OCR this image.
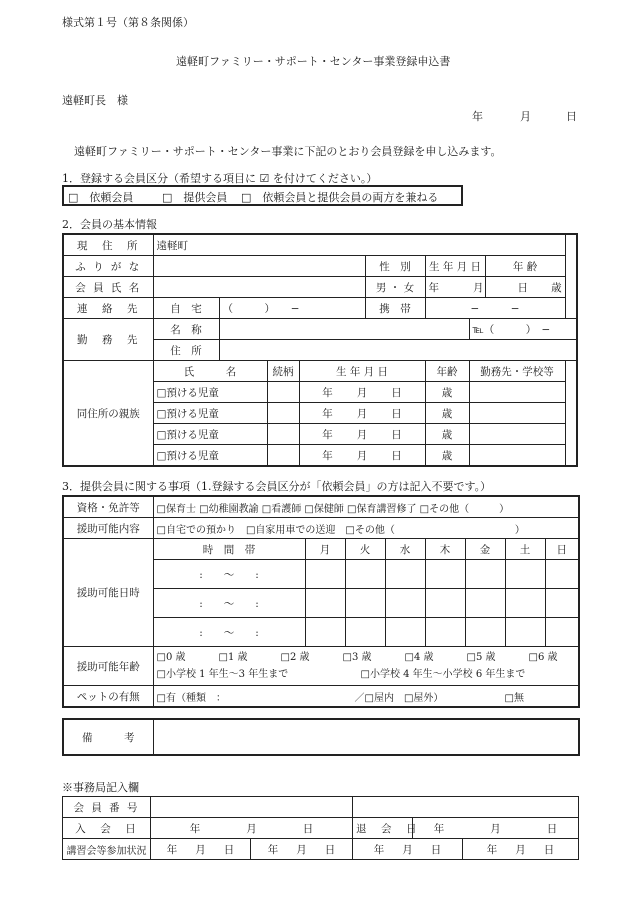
様式第１号（第８条関係）
遠軽町ファミリー・サポート・センター事業登録申込書
遠軽町長　様
年	月	日
遠軽町ファミリー・サポート・センター事業に下記のとおり会員登録を申し込みます。
1．登録する会員区分（希望する項目に ☑ を付けてください。）
□　依頼会員	□　提供会員 □　依頼会員と提供会員の両方を兼ねる
2．会員の基本情報
現　住　所	遠軽町							
ふ り が な					性　別	生 年 月 日		年 齢
会 員 氏 名					男 ・ 女	年 月 日		歳
連　絡　先	自　宅	（　　　）　　−			携　帯	−　　　−		
勤　務　先	名　称						℡（　　　）　−	
	住　所							
同住所の親族	氏　　　名		続柄	生 年 月 日		年齢	勤務先・学校等	
	□預ける児童			年 月 日		歳		
	□預ける児童			年 月 日		歳		
	□預ける児童			年 月 日		歳		
	□預ける児童			年 月 日		歳		
3．提供会員に関する事項（1.登録する会員区分が「依頼会員」の方は記入不要です。）
資格・免許等	□保育士 □幼稚園教諭 □看護師 □保健師 □保育講習修了 □その他（　　　）							
援助可能内容	□自宅での預かり　□自家用車での送迎　□その他（　　　　　　　　　　　　）							
援助可能日時	時　間　帯	月	火	水	木	金	土	日
	:　　〜　　:							
	:　　〜　　:							
	:　　〜　　:							
援助可能年齢	□0 歳 □1 歳 □2 歳 □3 歳 □4 歳 □5 歳 □6 歳
□小学校 1 年生〜3 年生まで □小学校 4 年生〜小学校 6 年生まで							

ペットの有無	□有（種類　： ／□屋内　□屋外） □無							
備　　　考	
※事務局記入欄
会 員 番 号					
入　会　日	年 月 日		退　会　日	年 月 日	
講習会等参加状況	年 月 日	年 月 日	年 月 日		年 月 日
